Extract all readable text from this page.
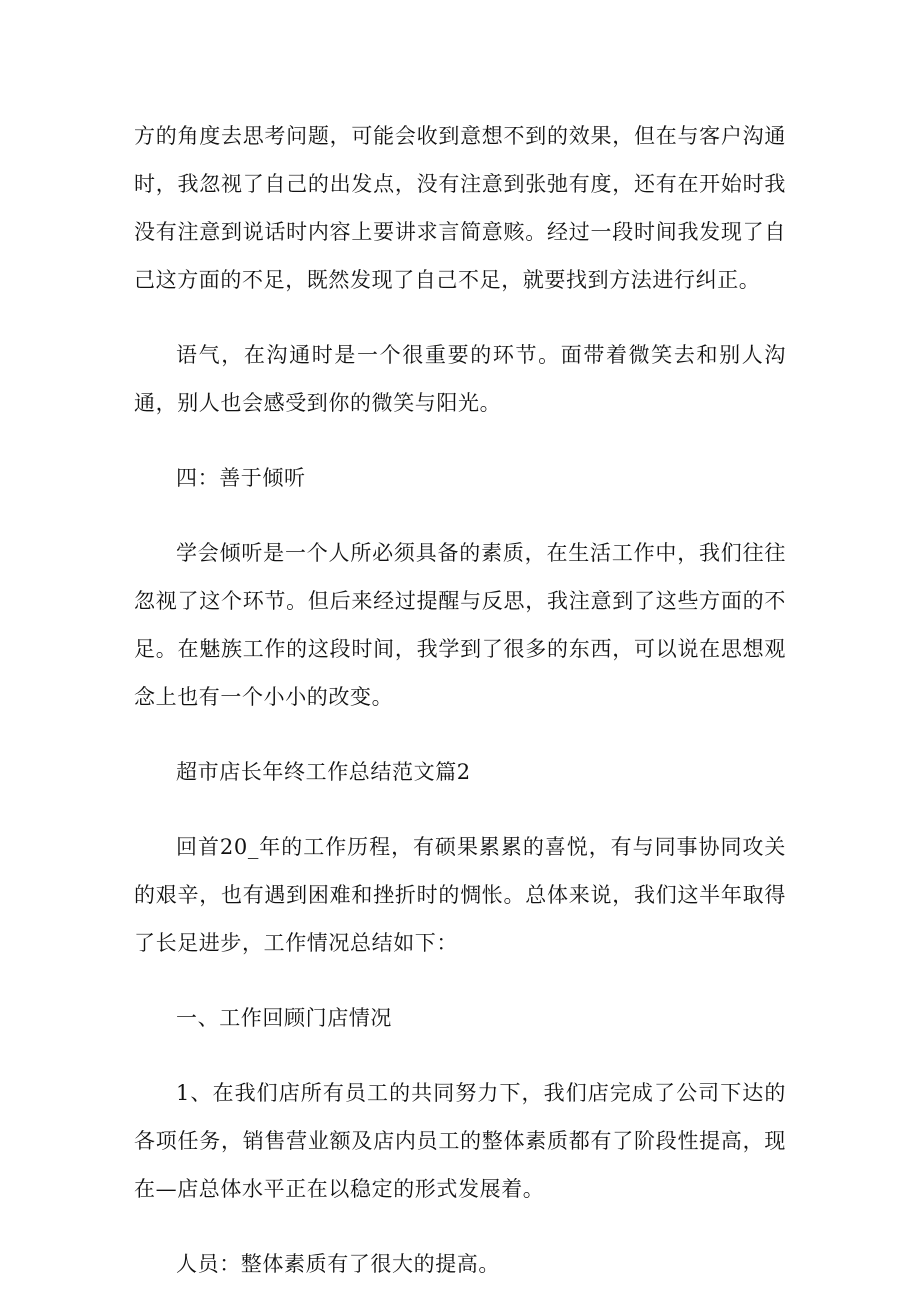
方的角度去思考问题，可能会收到意想不到的效果，但在与客户沟通时，我忽视了自己的出发点，没有注意到张弛有度，还有在开始时我没有注意到说话时内容上要讲求言简意赅。经过一段时间我发现了自己这方面的不足，既然发现了自己不足，就要找到方法进行纠正。

语气，在沟通时是一个很重要的环节。面带着微笑去和别人沟通，别人也会感受到你的微笑与阳光。

四：善于倾听

学会倾听是一个人所必须具备的素质，在生活工作中，我们往往忽视了这个环节。但后来经过提醒与反思，我注意到了这些方面的不足。在魅族工作的这段时间，我学到了很多的东西，可以说在思想观念上也有一个小小的改变。

超市店长年终工作总结范文篇2

回首20_年的工作历程，有硕果累累的喜悦，有与同事协同攻关的艰辛，也有遇到困难和挫折时的惆怅。总体来说，我们这半年取得了长足进步，工作情况总结如下：

一、工作回顾门店情况

1、在我们店所有员工的共同努力下，我们店完成了公司下达的各项任务，销售营业额及店内员工的整体素质都有了阶段性提高，现在—店总体水平正在以稳定的形式发展着。

人员：整体素质有了很大的提高。
